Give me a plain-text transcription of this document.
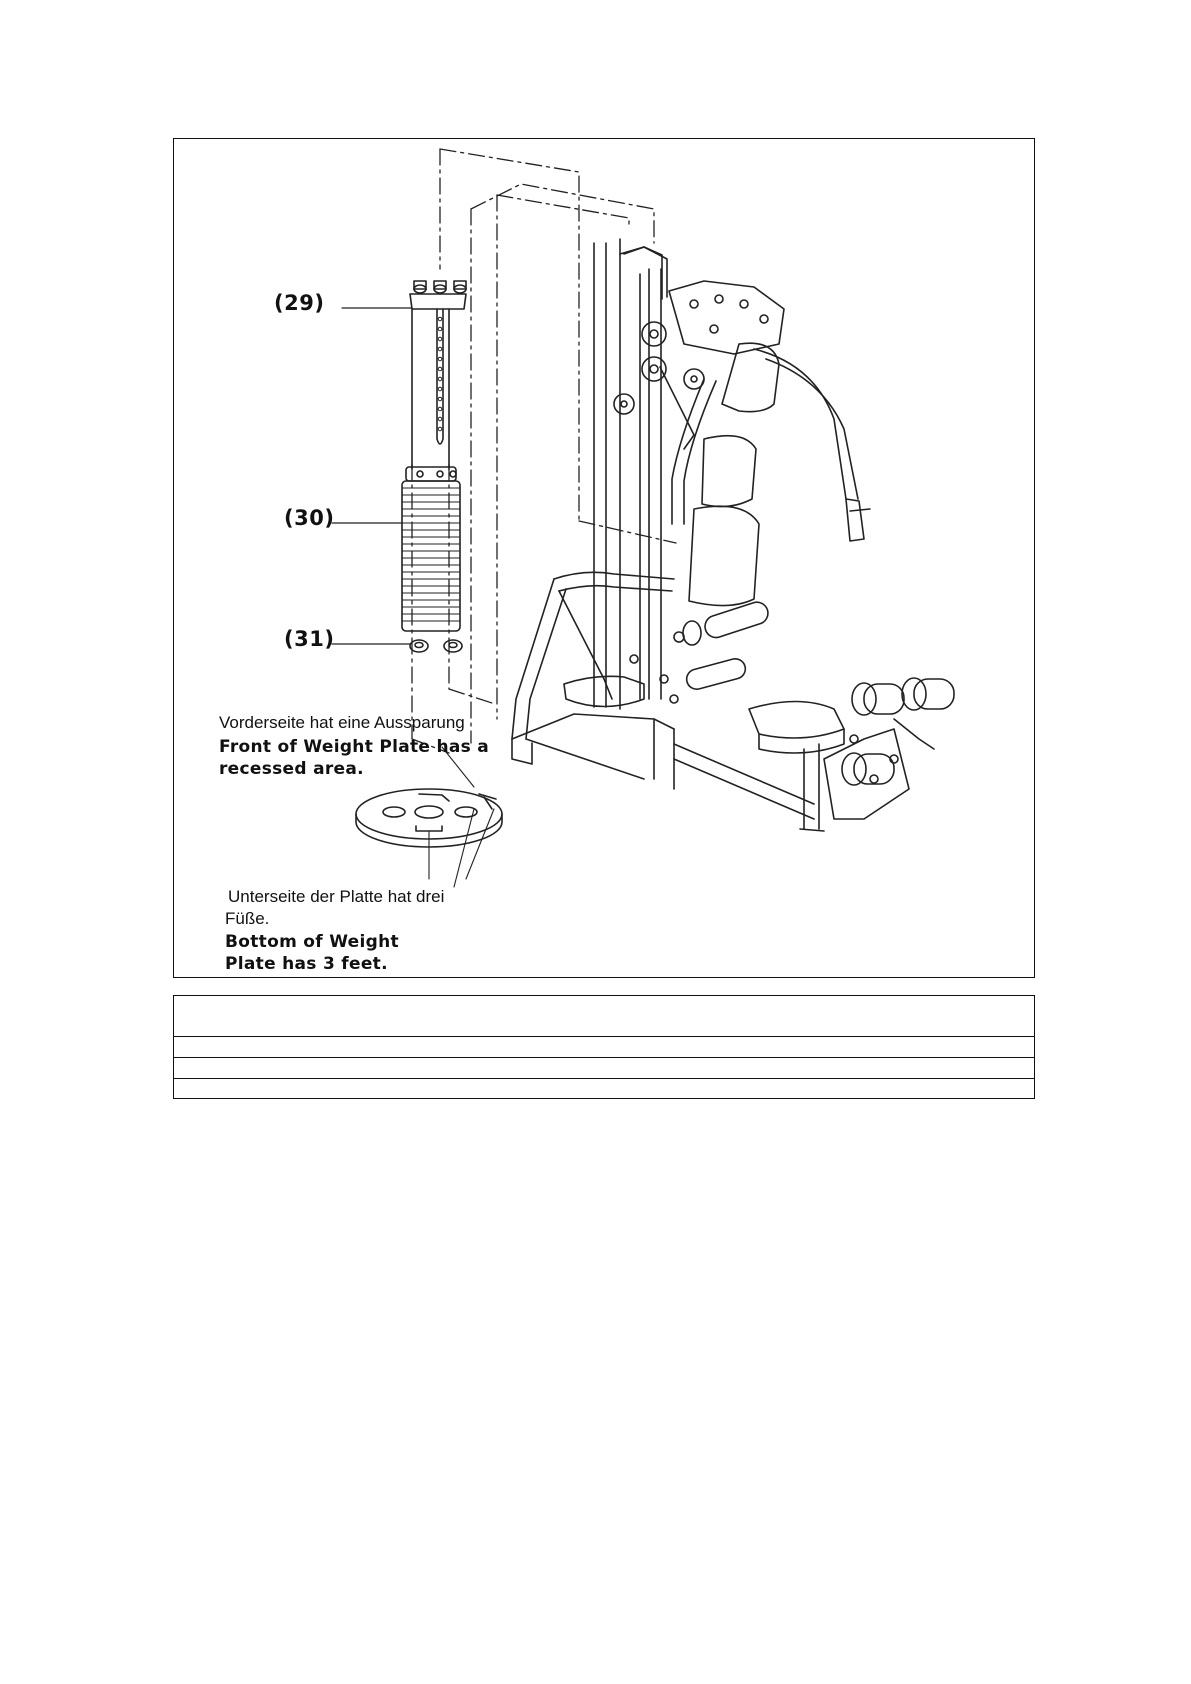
(29)
(30)
(31)
Vorderseite hat eine Aussparung
Front of Weight Plate has a
recessed area.
Unterseite der Platte hat drei
Füße.
Bottom of Weight
Plate has 3 feet.
